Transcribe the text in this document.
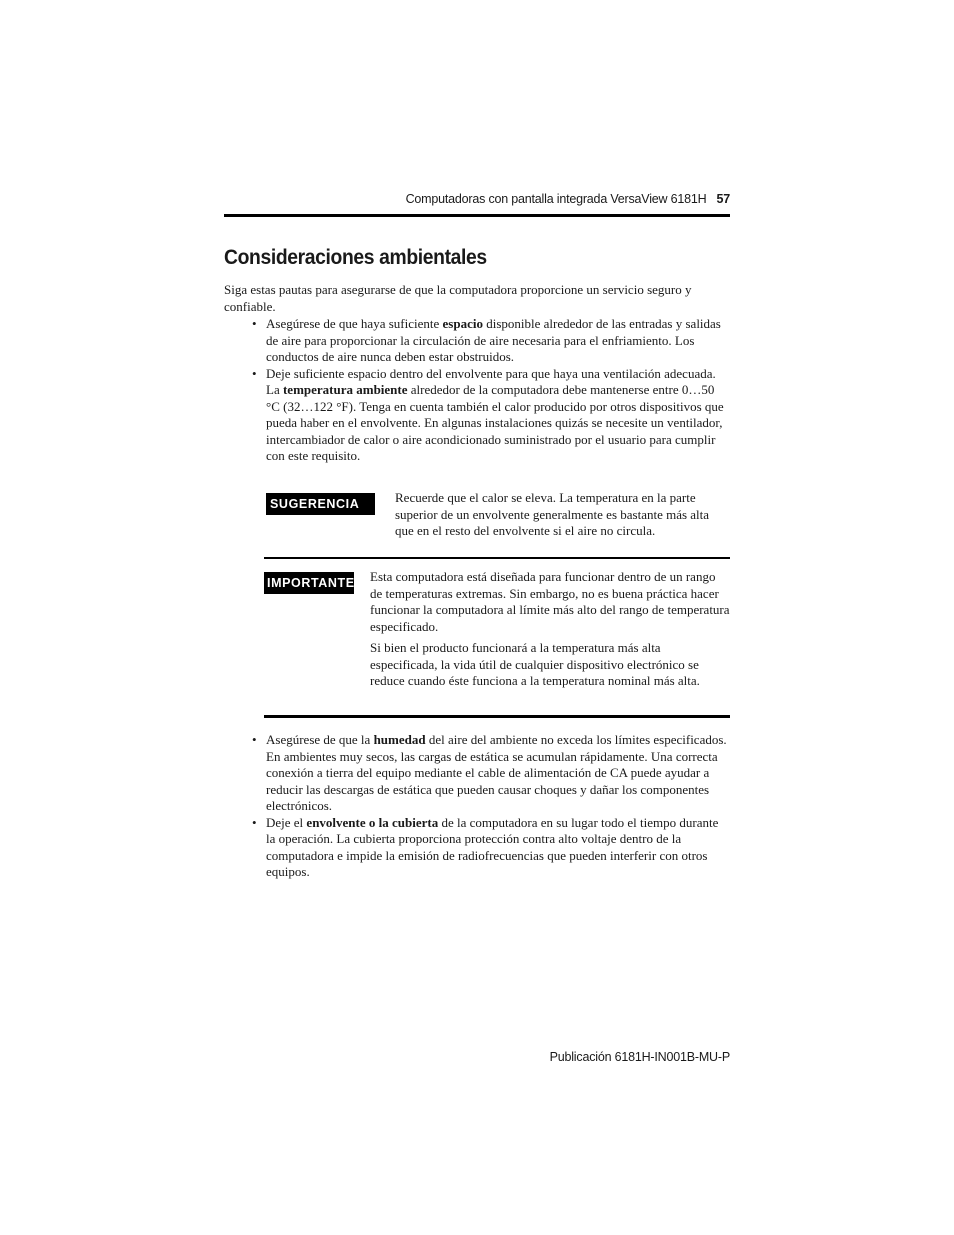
Computadoras con pantalla integrada VersaView 6181H 57
Consideraciones ambientales

Siga estas pautas para asegurarse de que la computadora proporcione un servicio seguro y confiable.

• Asegúrese de que haya suficiente espacio disponible alrededor de las entradas y salidas de aire para proporcionar la circulación de aire necesaria para el enfriamiento. Los conductos de aire nunca deben estar obstruidos.
• Deje suficiente espacio dentro del envolvente para que haya una ventilación adecuada. La temperatura ambiente alrededor de la computadora debe mantenerse entre 0…50 °C (32…122 °F). Tenga en cuenta también el calor producido por otros dispositivos que pueda haber en el envolvente. En algunas instalaciones quizás se necesite un ventilador, intercambiador de calor o aire acondicionado suministrado por el usuario para cumplir con este requisito.
SUGERENCIA	Recuerde que el calor se eleva. La temperatura en la parte superior de un envolvente generalmente es bastante más alta que en el resto del envolvente si el aire no circula.

IMPORTANTE Esta computadora está diseñada para funcionar dentro de un rango de temperaturas extremas. Sin embargo, no es buena práctica hacer funcionar la computadora al límite más alto del rango de temperatura especificado.

Si bien el producto funcionará a la temperatura más alta especificada, la vida útil de cualquier dispositivo electrónico se reduce cuando éste funciona a la temperatura nominal más alta.

• Asegúrese de que la humedad del aire del ambiente no exceda los límites especificados. En ambientes muy secos, las cargas de estática se acumulan rápidamente. Una correcta conexión a tierra del equipo mediante el cable de alimentación de CA puede ayudar a reducir las descargas de estática que pueden causar choques y dañar los componentes electrónicos.
• Deje el envolvente o la cubierta de la computadora en su lugar todo el tiempo durante la operación. La cubierta proporciona protección contra alto voltaje dentro de la computadora e impide la emisión de radiofrecuencias que pueden interferir con otros equipos.
Publicación 6181H-IN001B-MU-P
